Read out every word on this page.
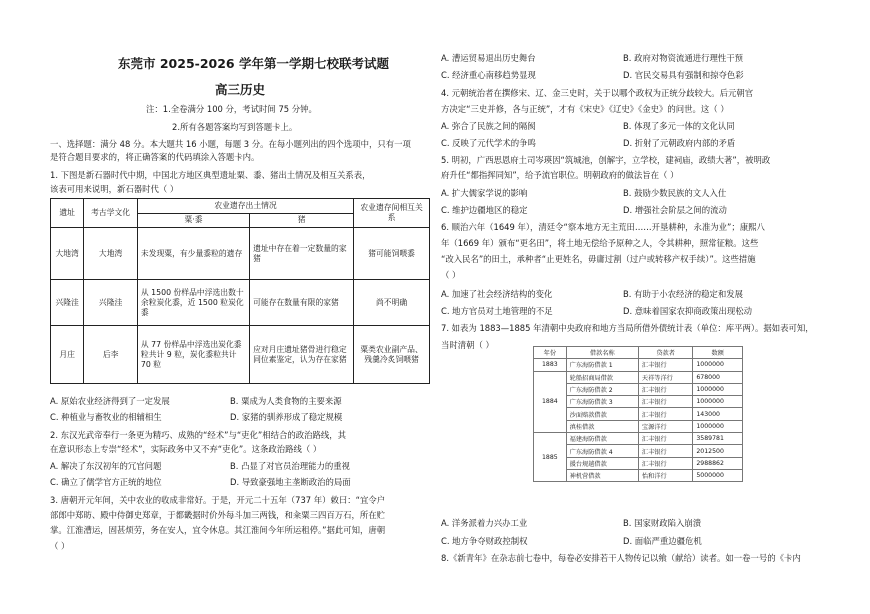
东莞市 2025-2026 学年第一学期七校联考试题
高三历史
注：1.全卷满分 100 分，考试时间 75 分钟。
2.所有各题答案均写到答题卡上。
一、选择题：满分 48 分。本大题共 16 小题，每题 3 分。在每小题列出的四个选项中，只有一项
是符合题目要求的，将正确答案的代码填涂入答题卡内。
1. 下图是新石器时代中期，中国北方地区典型遗址粟、黍、猪出土情况及相互关系表，
该表可用来说明，新石器时代（ ）
遗址	考古学文化	农业遗存出土情况		农业遗存间相互关系
		粟·黍	猪	
大地湾	大地湾	未发现粟，有少量黍粒的遗存	遗址中存在着一定数量的家猪	猪可能饲喂黍
兴隆洼	兴隆洼	从 1500 份样品中浮选出数十余粒炭化黍，近 1500 粒炭化黍	可能存在数量有限的家猪	尚不明确
月庄	后李	从 77 份样品中浮选出炭化黍粒共计 9 粒，炭化黍粒共计 70 粒	应对月庄遗址猪骨进行稳定同位素鉴定，认为存在家猪	粟类农业副产品、残羹冷炙饲喂猪
A. 原始农业经济得到了一定发展	B. 粟成为人类食物的主要来源
C. 种植业与畜牧业的相辅相生	D. 家猪的驯养形成了稳定规模
2. 东汉光武帝奉行一条更为精巧、成熟的“经术”与“吏化”相结合的政治路线，其
在意识形态上专崇“经术”，实际政务中又不弃“吏化”。这条政治路线（ ）
A. 解决了东汉初年的冗官问题	B. 凸显了对官员治理能力的重视
C. 确立了儒学官方正统的地位	D. 导致豪强地主垄断政治的局面
3. 唐朝开元年间，关中农业的收成非常好。于是，开元二十五年（737 年）敕曰：“宜令户
部郎中郑昉、殿中侍御史郑章，于都畿据时价外每斗加三两钱，和籴粟三四百万石，所在贮
掌。江淮漕运，固甚烦劳，务在安人，宜令休息。其江淮间今年所运租停。”据此可知，唐朝
（ ）
A. 漕运贸易退出历史舞台	B. 政府对物资流通进行理性干预
C. 经济重心南移趋势显现	D. 官民交易具有强制和掠夺色彩
4. 元朝统治者在撰修宋、辽、金三史时，关于以哪个政权为正统分歧较大。后元朝官
方决定“三史并修，各与正统”，才有《宋史》《辽史》《金史》的问世。这（ ）
A. 弥合了民族之间的隔阂	B. 体现了多元一体的文化认同
C. 反映了元代学术的争鸣	D. 折射了元朝政府内部的矛盾
5. 明初，广西思恩府土司岑瑛因“筑城池，创解宇，立学校，建祠庙，政绩大著”，被明政
府升任“都指挥同知”，给予流官职位。明朝政府的做法旨在（ ）
A. 扩大儒家学说的影响	B. 鼓励少数民族的文人入仕
C. 维护边疆地区的稳定	D. 增强社会阶层之间的流动
6. 顺治六年（1649 年），清廷令“察本地方无主荒田……开垦耕种，永准为业”；康熙八
年（1669 年）颁布“更名田”，将土地无偿给予原种之人，令其耕种，照常征粮。这些
“改入民名”的田土，承种者“止更姓名，毋庸过割（过户或转移产权手续）”。这些措施
（ ）
A. 加速了社会经济结构的变化	B. 有助于小农经济的稳定和发展
C. 地方官员对土地管理的不足	D. 意味着国家农抑商政策出现松动
7. 如表为 1883—1885 年清朝中央政府和地方当局所借外债统计表（单位：库平两）。据如表可知，
当时清朝（ ）
年份	借款名称	贷款者	数额
1883	广东海防借款 1	汇丰银行	1000000
1884	轮船招商局借款	天祥等洋行	678000
	广东海防借款 2	汇丰银行	1000000
	广东海防借款 3	汇丰银行	1000000
	沙面赔款借款	汇丰银行	143000
	滇桂借款	宝源洋行	1000000
1885	福建海防借款	汇丰银行	3589781
	广东海防借款 4	汇丰银行	2012500
	援台规越借款	汇丰银行	2988862
	神机营借款	怡和洋行	5000000
A. 洋务派着力兴办工业	B. 国家财政陷入崩溃
C. 地方争夺财政控制权	D. 面临严重边疆危机
8.《新青年》在杂志前七卷中，每卷必安排若干人物传记以飨（献给）读者。如一卷一号的《卡内
